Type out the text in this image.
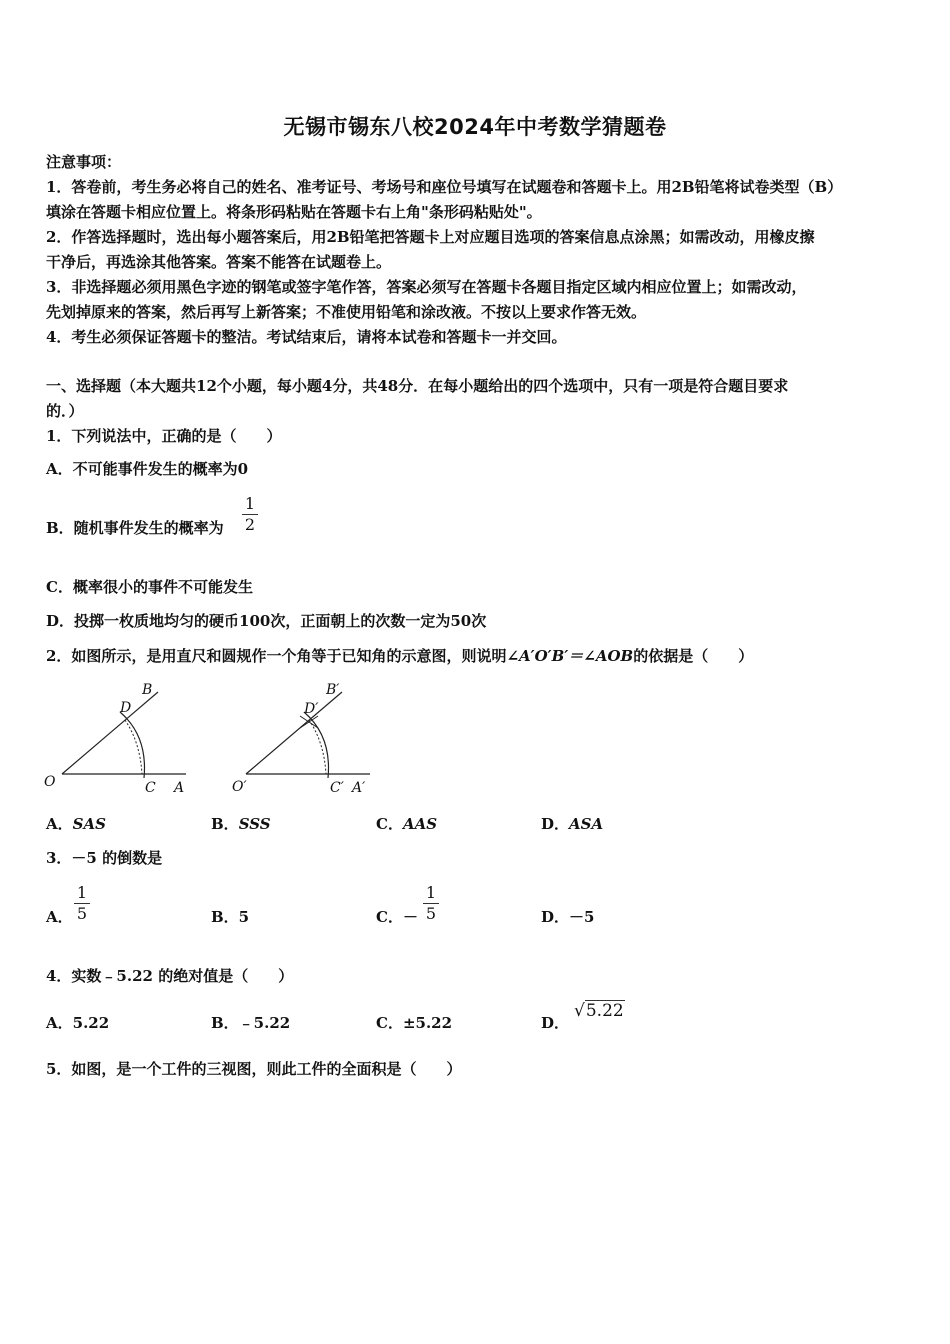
无锡市锡东八校2024年中考数学猜题卷
注意事项：
1．答卷前，考生务必将自己的姓名、准考证号、考场号和座位号填写在试题卷和答题卡上。用2B铅笔将试卷类型（B）
填涂在答题卡相应位置上。将条形码粘贴在答题卡右上角"条形码粘贴处"。
2．作答选择题时，选出每小题答案后，用2B铅笔把答题卡上对应题目选项的答案信息点涂黑；如需改动，用橡皮擦
干净后，再选涂其他答案。答案不能答在试题卷上。
3．非选择题必须用黑色字迹的钢笔或签字笔作答，答案必须写在答题卡各题目指定区域内相应位置上；如需改动，
先划掉原来的答案，然后再写上新答案；不准使用铅笔和涂改液。不按以上要求作答无效。
4．考生必须保证答题卡的整洁。考试结束后，请将本试卷和答题卡一并交回。
一、选择题（本大题共12个小题，每小题4分，共48分．在每小题给出的四个选项中，只有一项是符合题目要求
的．）
1．下列说法中，正确的是（　　）
A．不可能事件发生的概率为0
B．随机事件发生的概率为
1
2
C．概率很小的事件不可能发生
D．投掷一枚质地均匀的硬币100次，正面朝上的次数一定为50次
2．如图所示，是用直尺和圆规作一个角等于已知角的示意图，则说明∠A′O′B′＝∠AOB的依据是（　　）
O	C A
B
D
O′	C′ A′
B′
D′
A．SAS	B．SSS	C．AAS	D．ASA
3．－5 的倒数是
A．
1
5	B．5	C．－
1
5	D．－5
4．实数﹣5.22 的绝对值是（　　）
A．5.22	B．﹣5.22	C．±5.22	D．
√5.22
5．如图，是一个工件的三视图，则此工件的全面积是（　　）
